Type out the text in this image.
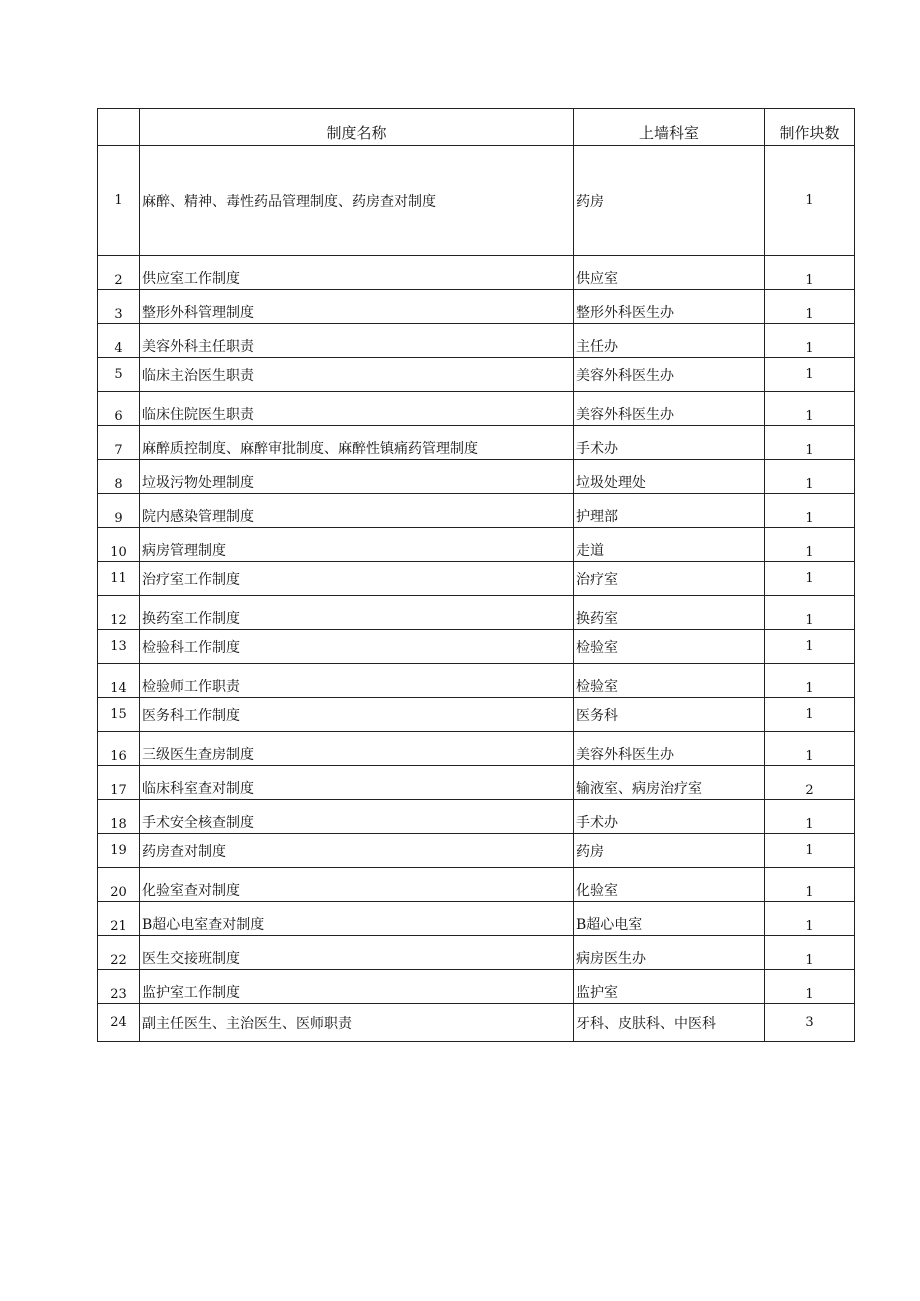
	制度名称	上墙科室	制作块数
1	麻醉、精神、毒性药品管理制度、药房查对制度	药房	1
2	供应室工作制度	供应室	1
3	整形外科管理制度	整形外科医生办	1
4	美容外科主任职责	主任办	1
5	临床主治医生职责	美容外科医生办	1
6	临床住院医生职责	美容外科医生办	1
7	麻醉质控制度、麻醉审批制度、麻醉性镇痛药管理制度	手术办	1
8	垃圾污物处理制度	垃圾处理处	1
9	院内感染管理制度	护理部	1
10	病房管理制度	走道	1
11	治疗室工作制度	治疗室	1
12	换药室工作制度	换药室	1
13	检验科工作制度	检验室	1
14	检验师工作职责	检验室	1
15	医务科工作制度	医务科	1
16	三级医生查房制度	美容外科医生办	1
17	临床科室查对制度	输液室、病房治疗室	2
18	手术安全核查制度	手术办	1
19	药房查对制度	药房	1
20	化验室查对制度	化验室	1
21	B超心电室查对制度	B超心电室	1
22	医生交接班制度	病房医生办	1
23	监护室工作制度	监护室	1
24	副主任医生、主治医生、医师职责	牙科、皮肤科、中医科	3
